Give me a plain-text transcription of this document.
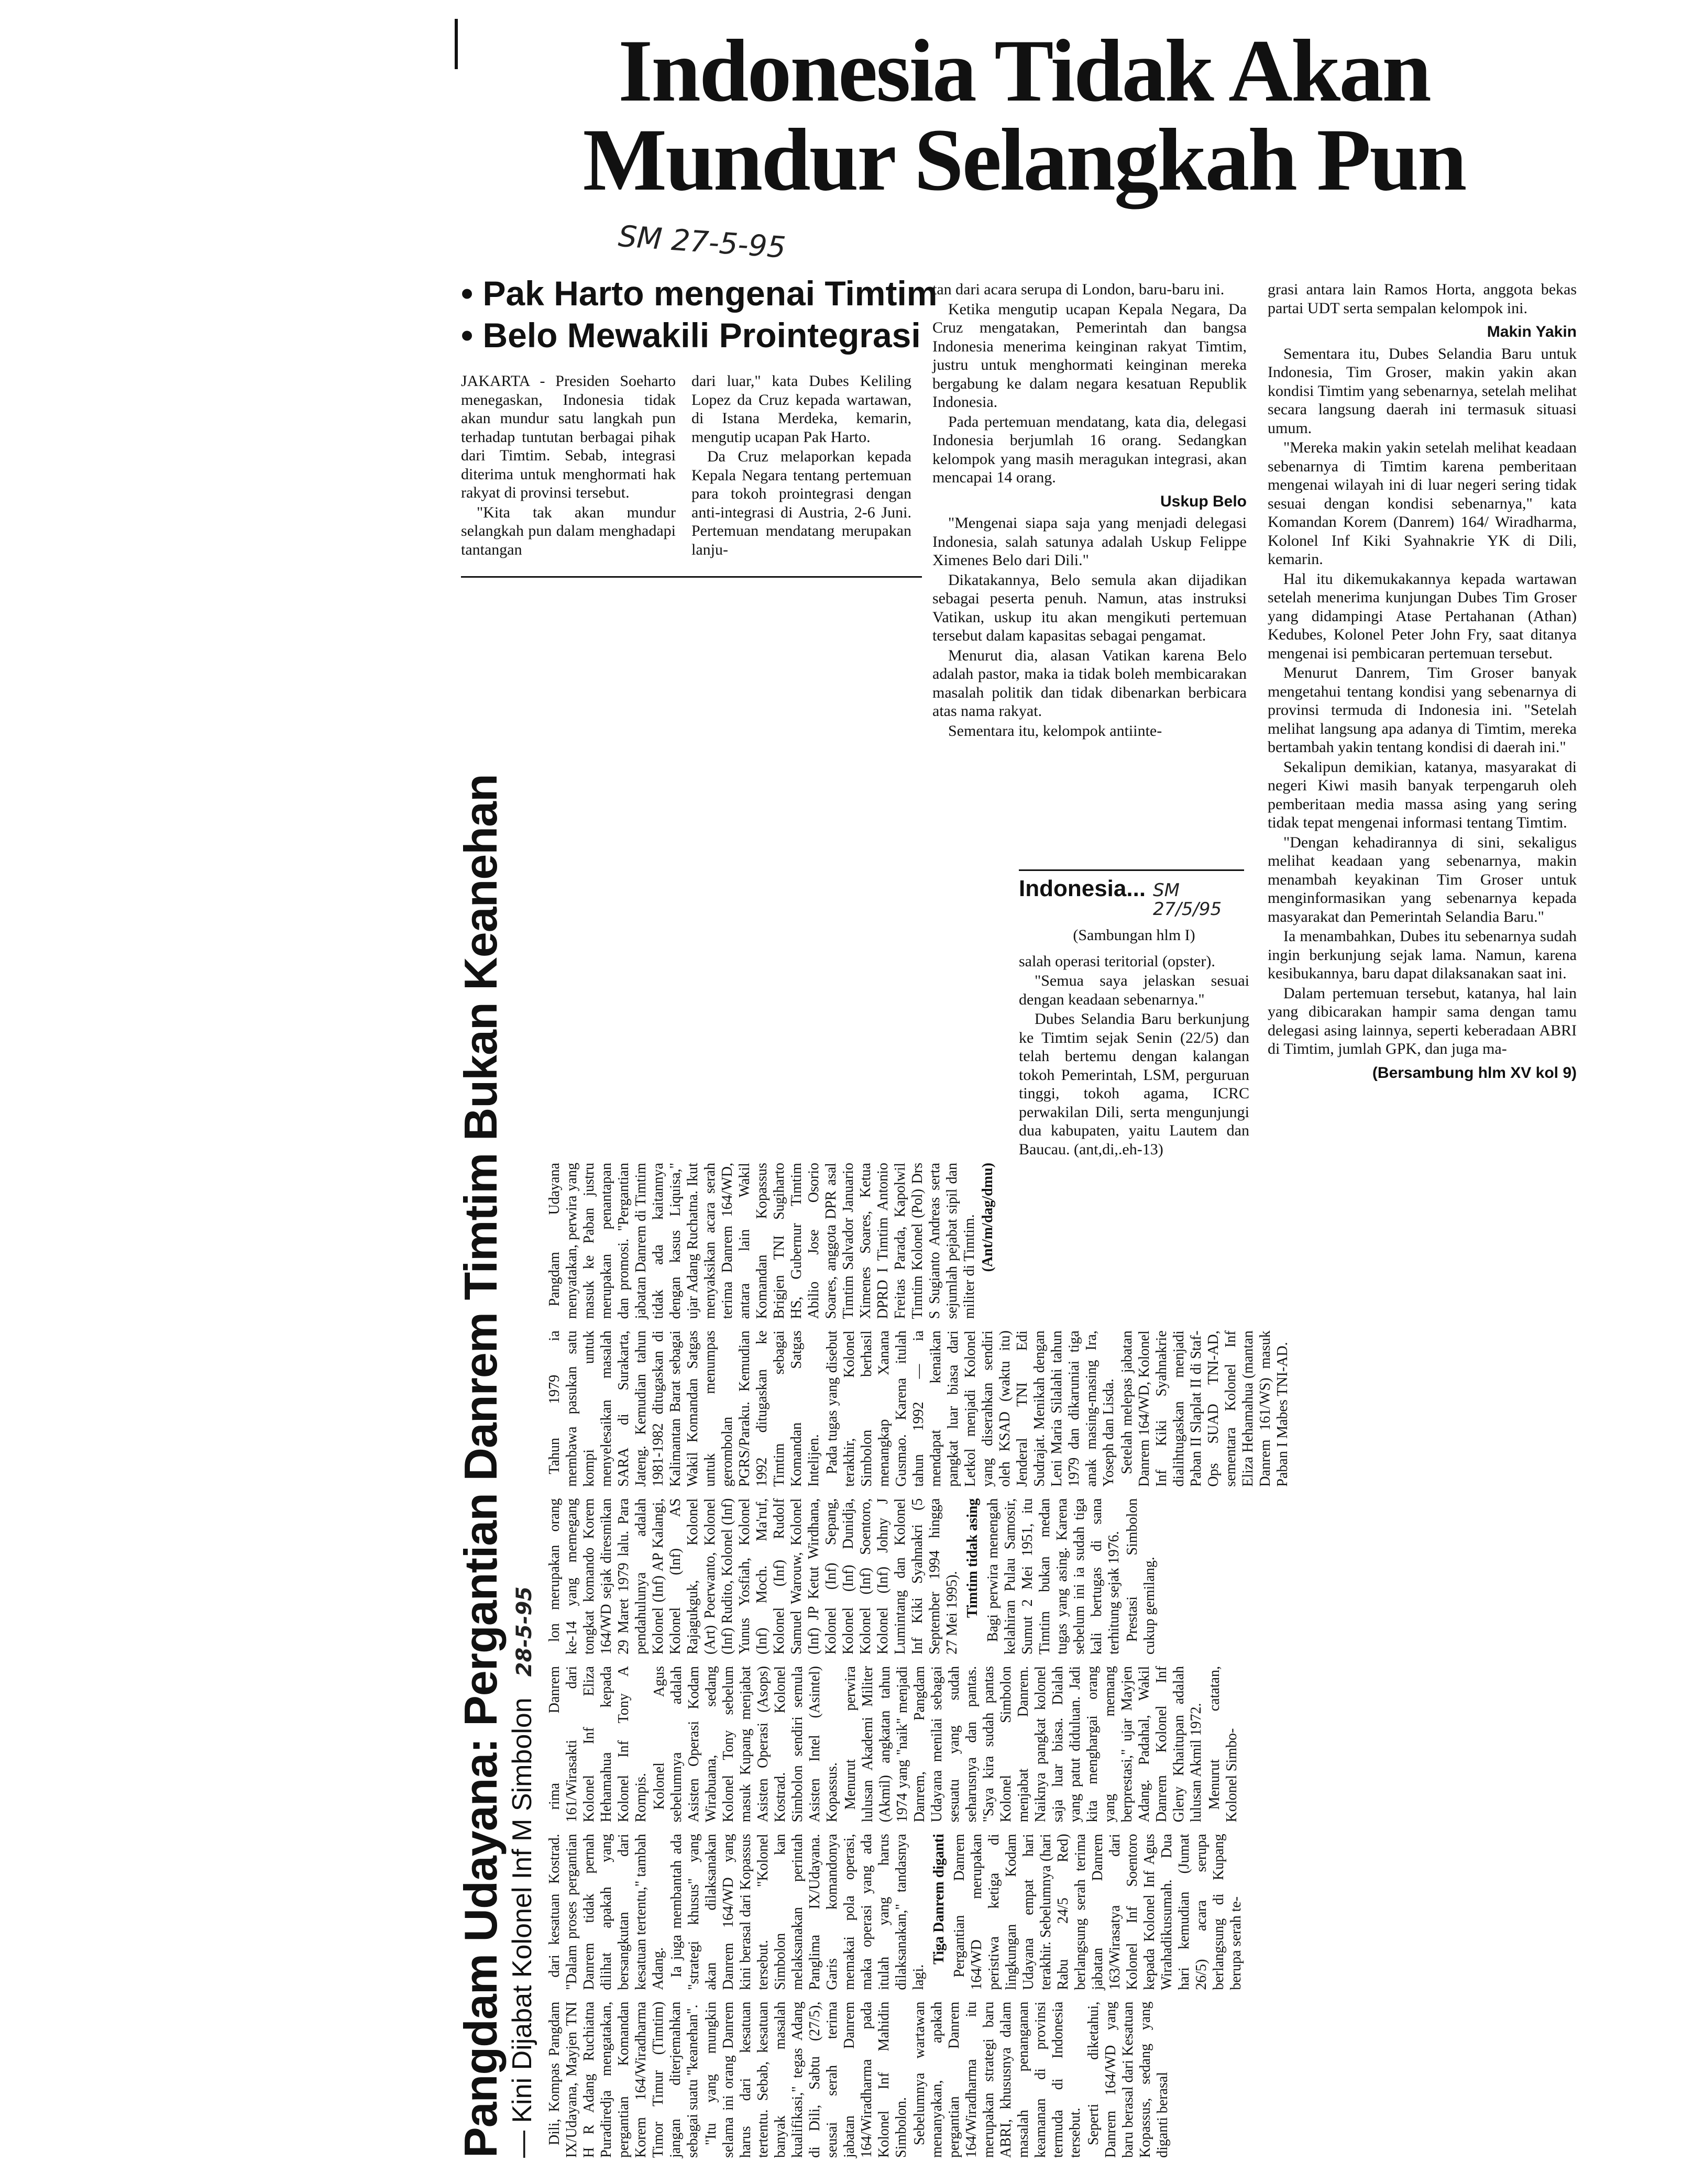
Indonesia Tidak Akan Mundur Selangkah Pun
SM 27-5-95
• Pak Harto mengenai Timtim
• Belo Mewakili Prointegrasi

JAKARTA - Presiden Soeharto menegaskan, Indonesia tidak akan mundur satu langkah pun terhadap tuntutan berbagai pihak dari Timtim. Sebab, integrasi diterima untuk menghormati hak rakyat di provinsi tersebut.

"Kita tak akan mundur selangkah pun dalam menghadapi tantangan

dari luar," kata Dubes Keliling Lopez da Cruz kepada wartawan, di Istana Merdeka, kemarin, mengutip ucapan Pak Harto.

Da Cruz melaporkan kepada Kepala Negara tentang pertemuan para tokoh prointegrasi dengan anti-integrasi di Austria, 2-6 Juni. Pertemuan mendatang merupakan lanju-

tan dari acara serupa di London, baru-baru ini.

Ketika mengutip ucapan Kepala Negara, Da Cruz mengatakan, Pemerintah dan bangsa Indonesia menerima keinginan rakyat Timtim, justru untuk menghormati keinginan mereka bergabung ke dalam negara kesatuan Republik Indonesia.

Pada pertemuan mendatang, kata dia, delegasi Indonesia berjumlah 16 orang. Sedangkan kelompok yang masih meragukan integrasi, akan mencapai 14 orang.

Uskup Belo

"Mengenai siapa saja yang menjadi delegasi Indonesia, salah satunya adalah Uskup Felippe Ximenes Belo dari Dili."

Dikatakannya, Belo semula akan dijadikan sebagai peserta penuh. Namun, atas instruksi Vatikan, uskup itu akan mengikuti pertemuan tersebut dalam kapasitas sebagai pengamat.

Menurut dia, alasan Vatikan karena Belo adalah pastor, maka ia tidak boleh membicarakan masalah politik dan tidak dibenarkan berbicara atas nama rakyat.

Sementara itu, kelompok antiinte-

Indonesia... SM 27/5/95

(Sambungan hlm I)

salah operasi teritorial (opster).

"Semua saya jelaskan sesuai dengan keadaan sebenarnya."

Dubes Selandia Baru berkunjung ke Timtim sejak Senin (22/5) dan telah bertemu dengan kalangan tokoh Pemerintah, LSM, perguruan tinggi, tokoh agama, ICRC perwakilan Dili, serta mengunjungi dua kabupaten, yaitu Lautem dan Baucau. (ant,di,.eh-13)

grasi antara lain Ramos Horta, anggota bekas partai UDT serta sempalan kelompok ini.

Makin Yakin

Sementara itu, Dubes Selandia Baru untuk Indonesia, Tim Groser, makin yakin akan kondisi Timtim yang sebenarnya, setelah melihat secara langsung daerah ini termasuk situasi umum.

"Mereka makin yakin setelah melihat keadaan sebenarnya di Timtim karena pemberitaan mengenai wilayah ini di luar negeri sering tidak sesuai dengan kondisi sebenarnya," kata Komandan Korem (Danrem) 164/ Wiradharma, Kolonel Inf Kiki Syahnakrie YK di Dili, kemarin.

Hal itu dikemukakannya kepada wartawan setelah menerima kunjungan Dubes Tim Groser yang didampingi Atase Pertahanan (Athan) Kedubes, Kolonel Peter John Fry, saat ditanya mengenai isi pembicaran pertemuan tersebut.

Menurut Danrem, Tim Groser banyak mengetahui tentang kondisi yang sebenarnya di provinsi termuda di Indonesia ini. "Setelah melihat langsung apa adanya di Timtim, mereka bertambah yakin tentang kondisi di daerah ini."

Sekalipun demikian, katanya, masyarakat di negeri Kiwi masih banyak terpengaruh oleh pemberitaan media massa asing yang sering tidak tepat mengenai informasi tentang Timtim.

"Dengan kehadirannya di sini, sekaligus melihat keadaan yang sebenarnya, makin menambah keyakinan Tim Groser untuk menginformasikan yang sebenarnya kepada masyarakat dan Pemerintah Selandia Baru."

Ia menambahkan, Dubes itu sebenarnya sudah ingin berkunjung sejak lama. Namun, karena kesibukannya, baru dapat dilaksanakan saat ini.

Dalam pertemuan tersebut, katanya, hal lain yang dibicarakan hampir sama dengan tamu delegasi asing lainnya, seperti keberadaan ABRI di Timtim, jumlah GPK, dan juga ma-

(Bersambung hlm XV kol 9)

Pangdam Udayana: Pergantian Danrem Timtim Bukan Keanehan — Kini Dijabat Kolonel Inf M Simbolon
28-5-95

Dili, Kompas Pangdam IX/Udayana, Mayjen TNI H R Adang Ruchiatna Puradiredja mengatakan, pergantian Komandan Korem 164/Wiradharma Timor Timur (Timtim) jangan diterjemahkan sebagai suatu "keanehan". "Itu yang mungkin selama ini orang Danrem harus dari kesatuan tertentu. Sebab, kesatuan banyak masalah kualifikasi," tegas Adang di Dili, Sabtu (27/5), seusai serah terima jabatan Danrem 164/Wiradharma pada Kolonel Inf Mahidin Simbolon. Sebelumnya wartawan menanyakan, apakah pergantian Danrem 164/Wiradharma itu merupakan strategi baru ABRI, khususnya dalam masalah penanganan keamanan di provinsi termuda di Indonesia tersebut. Seperti diketahui, Danrem 164/WD yang baru berasal dari Kesatuan Kopassus, sedang yang diganti berasal

dari kesatuan Kostrad. "Dalam proses pergantian Danrem tidak pernah dilihat apakah yang bersangkutan dari kesatuan tertentu," tambah Adang. Ia juga membantah ada "strategi khusus" yang akan dilaksanakan Danrem 164/WD yang kini berasal dari Kopassus tersebut. "Kolonel Simbolon kan melaksanakan perintah Panglima IX/Udayana. Garis komandonya memakai pola operasi, maka operasi yang ada itulah yang harus dilaksanakan," tandasnya lagi.

Tiga Danrem diganti Pergantian Danrem 164/WD merupakan peristiwa ketiga di lingkungan Kodam Udayana empat hari terakhir. Sebelumnya (hari Rabu 24/5 Red) berlangsung serah terima jabatan Danrem 163/Wirasatya dari Kolonel Inf Soentoro kepada Kolonel Inf Agus Wirahadikusumah. Dua hari kemudian (Jumat 26/5) acara serupa berlangsung di Kupang berupa serah te-

rima Danrem 161/Wirasakti dari Kolonel Inf Eliza Hehamahua kepada Kolonel Inf Tony A Rompis. Kolonel Agus sebelumnya adalah Asisten Operasi Kodam Wirabuana, sedang Kolonel Tony sebelum masuk Kupang menjabat Asisten Operasi (Asops) Kostrad. Kolonel Simbolon sendiri semula Asisten Intel (Asintel) Kopassus. Menurut perwira lulusan Akademi Militer (Akmil) angkatan tahun 1974 yang "naik" menjadi Danrem, Pangdam Udayana menilai sebagai sesuatu yang sudah seharusnya dan pantas. "Saya kira sudah pantas Kolonel Simbolon menjabat Danrem. Naiknya pangkat kolonel saja luar biasa. Dialah yang patut diduluan. Jadi kita menghargai orang yang memang berprestasi," ujar Mayjen Adang. Padahal, Wakil Danrem Kolonel Inf Gleny Khaitupan adalah lulusan Akmil 1972. Menurut catatan, Kolonel Simbo-

lon merupakan orang ke-14 yang memegang tongkat komando Korem 164/WD sejak diresmikan 29 Maret 1979 lalu. Para pendahulunya adalah Kolonel (Inf) AP Kalangi, Kolonel (Inf) AS Rajagukguk, Kolonel (Art) Poerwanto, Kolonel (Inf) Rudito, Kolonel (Inf) Yunus Yosfiah, Kolonel (Inf) Moch. Ma'ruf, Kolonel (Inf) Rudolf Samuel Warouw, Kolonel (Inf) JP Ketut Wirdhana, Kolonel (Inf) Sepang, Kolonel (Inf) Dunidja, Kolonel (Inf) Soentoro, Kolonel (Inf) Johny J Lumintang dan Kolonel Inf Kiki Syahnakri (5 September 1994 hingga 27 Mei 1995). Timtim tidak asing Bagi perwira menengah kelahiran Pulau Samosir, Sumut 2 Mei 1951, itu Timtim bukan medan tugas yang asing. Karena sebelum ini ia sudah tiga kali bertugas di sana terhitung sejak 1976. Prestasi Simbolon cukup gemilang.

Tahun 1979 ia membawa pasukan satu kompi untuk menyelesaikan masalah SARA di Surakarta, Jateng. Kemudian tahun 1981-1982 ditugaskan di Kalimantan Barat sebagai Wakil Komandan Satgas untuk menumpas gerombolan PGRS/Paraku. Kemudian 1992 ditugaskan ke Timtim sebagai Komandan Satgas Intelijen. Pada tugas yang disebut terakhir, Kolonel Simbolon berhasil menangkap Xanana Gusmao. Karena itulah tahun 1992 — ia mendapat kenaikan pangkat luar biasa dari Letkol menjadi Kolonel yang diserahkan sendiri oleh KSAD (waktu itu) Jenderal TNI Edi Sudrajat. Menikah dengan Leni Maria Silalahi tahun 1979 dan dikaruniai tiga anak masing-masing Ira, Yoseph dan Lisda. Setelah melepas jabatan Danrem 164/WD, Kolonel Inf Kiki Syahnakrie dialihtugaskan menjadi Paban II Slaplat II di Staf-Ops SUAD TNI-AD, sementara Kolonel Inf Eliza Hehamahua (mantan Danrem 161/WS) masuk Paban I Mabes TNI-AD.

Pangdam Udayana menyatakan, perwira yang masuk ke Paban justru merupakan penantapan dan promosi. "Pergantian jabatan Danrem di Timtim tidak ada kaitannya dengan kasus Liquisa," ujar Adang Ruchatna. Ikut menyaksikan acara serah terima Danrem 164/WD, antara lain Wakil Komandan Kopassus Brigjen TNI Sugiharto HS, Gubernur Timtim Abilio Jose Osorio Soares, anggota DPR asal Timtim Salvador Januario Ximenes Soares, Ketua DPRD I Timtim Antonio Freitas Parada, Kapolwil Timtim Kolonel (Pol) Drs S Sugianto Andreas serta sejumlah pejabat sipil dan militer di Timtim. (Ant/m/dag/dmu)
